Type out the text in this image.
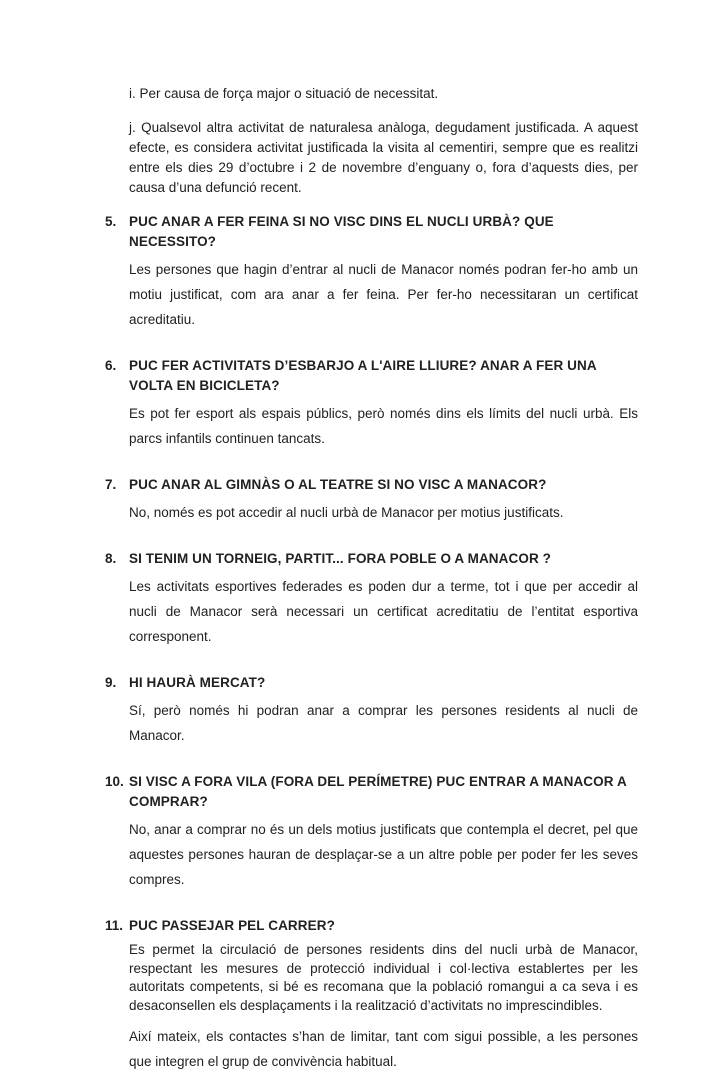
i. Per causa de força major o situació de necessitat.

j. Qualsevol altra activitat de naturalesa anàloga, degudament justificada. A aquest efecte, es considera activitat justificada la visita al cementiri, sempre que es realitzi entre els dies 29 d’octubre i 2 de novembre d’enguany o, fora d’aquests dies, per causa d’una defunció recent.

5. PUC ANAR A FER FEINA SI NO VISC DINS EL NUCLI URBÀ? QUE NECESSITO?

Les persones que hagin d’entrar al nucli de Manacor només podran fer-ho amb un motiu justificat, com ara anar a fer feina. Per fer-ho necessitaran un certificat acreditatiu.

6. PUC FER ACTIVITATS D’ESBARJO A L'AIRE LLIURE? ANAR A FER UNA VOLTA EN BICICLETA?

Es pot fer esport als espais públics, però només dins els límits del nucli urbà. Els parcs infantils continuen tancats.

7. PUC ANAR AL GIMNÀS O AL TEATRE SI NO VISC A MANACOR?

No, només es pot accedir al nucli urbà de Manacor per motius justificats.

8. SI TENIM UN TORNEIG, PARTIT... FORA POBLE O A MANACOR ?

Les activitats esportives federades es poden dur a terme, tot i que per accedir al nucli de Manacor serà necessari un certificat acreditatiu de l’entitat esportiva corresponent.

9. HI HAURÀ MERCAT?

Sí, però només hi podran anar a comprar les persones residents al nucli de Manacor.

10. SI VISC A FORA VILA (FORA DEL PERÍMETRE) PUC ENTRAR A MANACOR A COMPRAR?

No, anar a comprar no és un dels motius justificats que contempla el decret, pel que aquestes persones hauran de desplaçar-se a un altre poble per poder fer les seves compres.

11. PUC PASSEJAR PEL CARRER?

Es permet la circulació de persones residents dins del nucli urbà de Manacor, respectant les mesures de protecció individual i col·lectiva establertes per les autoritats competents, si bé es recomana que la població romangui a ca seva i es desaconsellen els desplaçaments i la realització d’activitats no imprescindibles.

Així mateix, els contactes s’han de limitar, tant com sigui possible, a les persones que integren el grup de convivència habitual.
